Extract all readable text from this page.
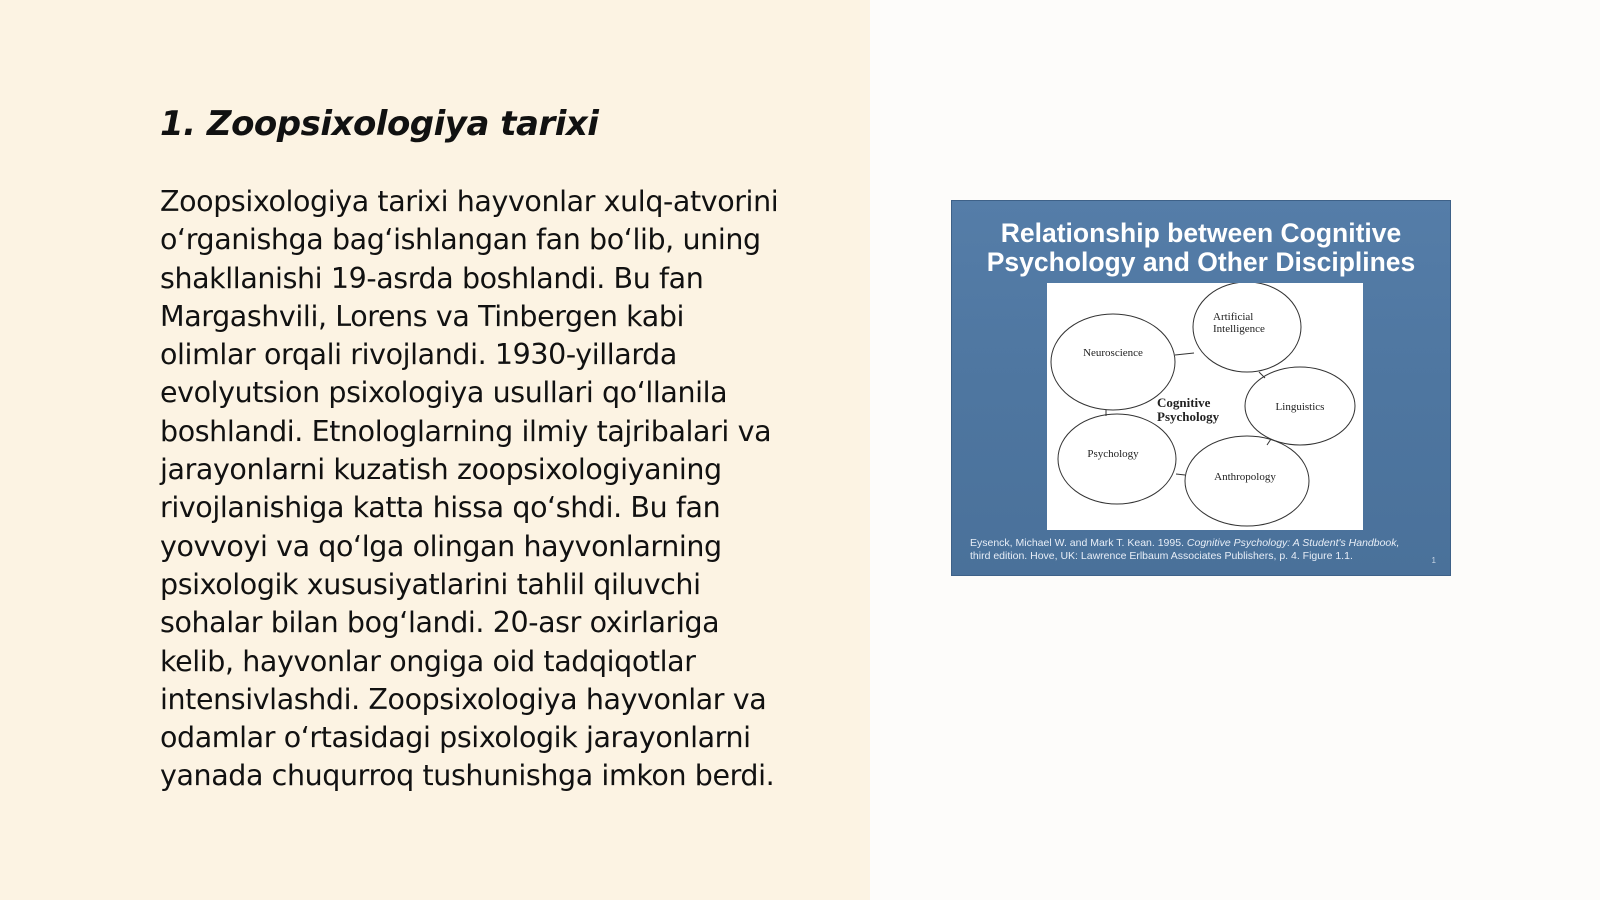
1. Zoopsixologiya tarixi
Zoopsixologiya tarixi hayvonlar xulq-atvorini
o‘rganishga bag‘ishlangan fan bo‘lib, uning
shakllanishi 19-asrda boshlandi. Bu fan
Margashvili, Lorens va Tinbergen kabi
olimlar orqali rivojlandi. 1930-yillarda
evolyutsion psixologiya usullari qo‘llanila
boshlandi. Etnologlarning ilmiy tajribalari va
jarayonlarni kuzatish zoopsixologiyaning
rivojlanishiga katta hissa qo‘shdi. Bu fan
yovvoyi va qo‘lga olingan hayvonlarning
psixologik xususiyatlarini tahlil qiluvchi
sohalar bilan bog‘landi. 20-asr oxirlariga
kelib, hayvonlar ongiga oid tadqiqotlar
intensivlashdi. Zoopsixologiya hayvonlar va
odamlar o‘rtasidagi psixologik jarayonlarni
yanada chuqurroq tushunishga imkon berdi.
Relationship between Cognitive
Psychology and Other Disciplines
Neuroscience
Artificial
Intelligence
Linguistics
Psychology
Anthropology
Cognitive
Psychology
Eysenck, Michael W. and Mark T. Kean. 1995. Cognitive Psychology: A Student's Handbook,
third edition. Hove, UK: Lawrence Erlbaum Associates Publishers, p. 4. Figure 1.1.	1
